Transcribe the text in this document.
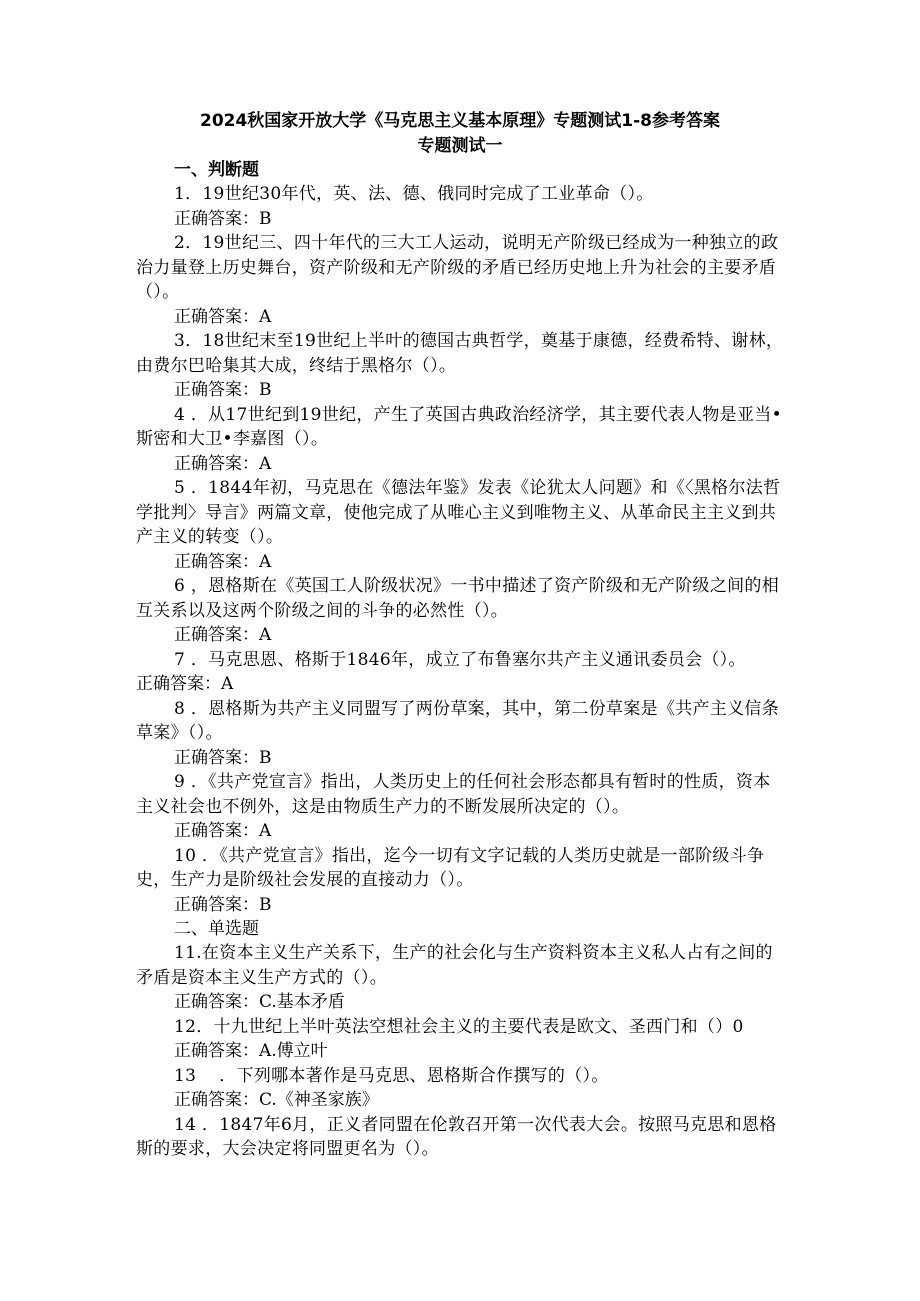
2024秋国家开放大学《马克思主义基本原理》专题测试1-8参考答案

专题测试一

一、判断题

1．19世纪30年代，英、法、德、俄同时完成了工业革命（）。

正确答案：B

2．19世纪三、四十年代的三大工人运动，说明无产阶级已经成为一种独立的政治力量登上历史舞台，资产阶级和无产阶级的矛盾已经历史地上升为社会的主要矛盾（）。

正确答案：A

3．18世纪末至19世纪上半叶的德国古典哲学，奠基于康德，经费希特、谢林，由费尔巴哈集其大成，终结于黑格尔（）。

正确答案：B

4 ．从17世纪到19世纪，产生了英国古典政治经济学，其主要代表人物是亚当•斯密和大卫•李嘉图（）。

正确答案：A

5 ．1844年初，马克思在《德法年鉴》发表《论犹太人问题》和《〈黑格尔法哲学批判〉导言》两篇文章，使他完成了从唯心主义到唯物主义、从革命民主主义到共产主义的转变（）。

正确答案：A

6 ，恩格斯在《英国工人阶级状况》一书中描述了资产阶级和无产阶级之间的相互关系以及这两个阶级之间的斗争的必然性（）。

正确答案：A

7 ．马克思恩、格斯于1846年，成立了布鲁塞尔共产主义通讯委员会（）。

正确答案：A

8 ．恩格斯为共产主义同盟写了两份草案，其中，第二份草案是《共产主义信条草案》（）。

正确答案：B

9 ．《共产党宣言》指出，人类历史上的任何社会形态都具有暂时的性质，资本主义社会也不例外，这是由物质生产力的不断发展所决定的（）。

正确答案：A

10 ．《共产党宣言》指出，迄今一切有文字记载的人类历史就是一部阶级斗争史，生产力是阶级社会发展的直接动力（）。

正确答案：B

二、单选题

11.在资本主义生产关系下，生产的社会化与生产资料资本主义私人占有之间的矛盾是资本主义生产方式的（）。

正确答案：C.基本矛盾

12．十九世纪上半叶英法空想社会主义的主要代表是欧文、圣西门和（）0

正确答案：A.傅立叶

13　 ．下列哪本著作是马克思、恩格斯合作撰写的（）。

正确答案：C.《神圣家族》

14 ．1847年6月，正义者同盟在伦敦召开第一次代表大会。按照马克思和恩格斯的要求，大会决定将同盟更名为（）。
